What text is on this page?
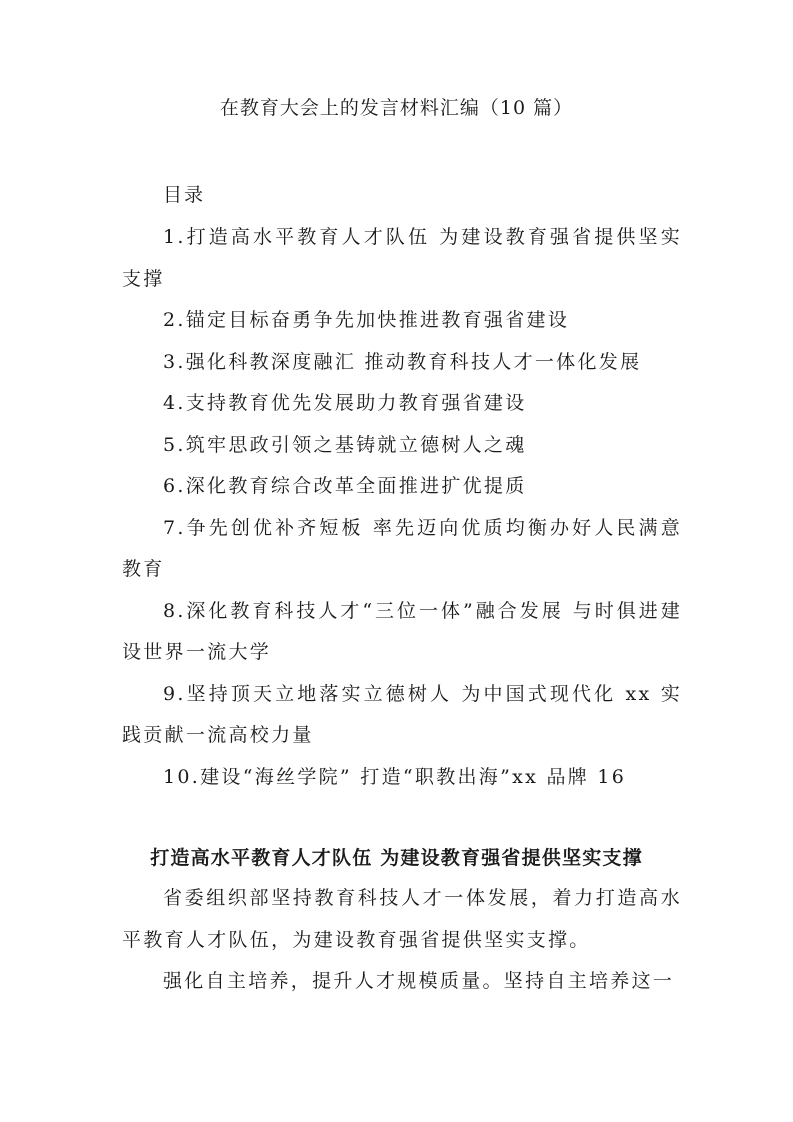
在教育大会上的发言材料汇编（10 篇）
目录
1.打造高水平教育人才队伍 为建设教育强省提供坚实支撑
2.锚定目标奋勇争先加快推进教育强省建设
3.强化科教深度融汇 推动教育科技人才一体化发展
4.支持教育优先发展助力教育强省建设
5.筑牢思政引领之基铸就立德树人之魂
6.深化教育综合改革全面推进扩优提质
7.争先创优补齐短板 率先迈向优质均衡办好人民满意教育
8.深化教育科技人才“三位一体”融合发展 与时俱进建设世界一流大学
9.坚持顶天立地落实立德树人 为中国式现代化 xx 实践贡献一流高校力量
10.建设“海丝学院” 打造“职教出海”xx 品牌 16
打造高水平教育人才队伍 为建设教育强省提供坚实支撑

省委组织部坚持教育科技人才一体发展，着力打造高水平教育人才队伍，为建设教育强省提供坚实支撑。

强化自主培养，提升人才规模质量。坚持自主培养这一
